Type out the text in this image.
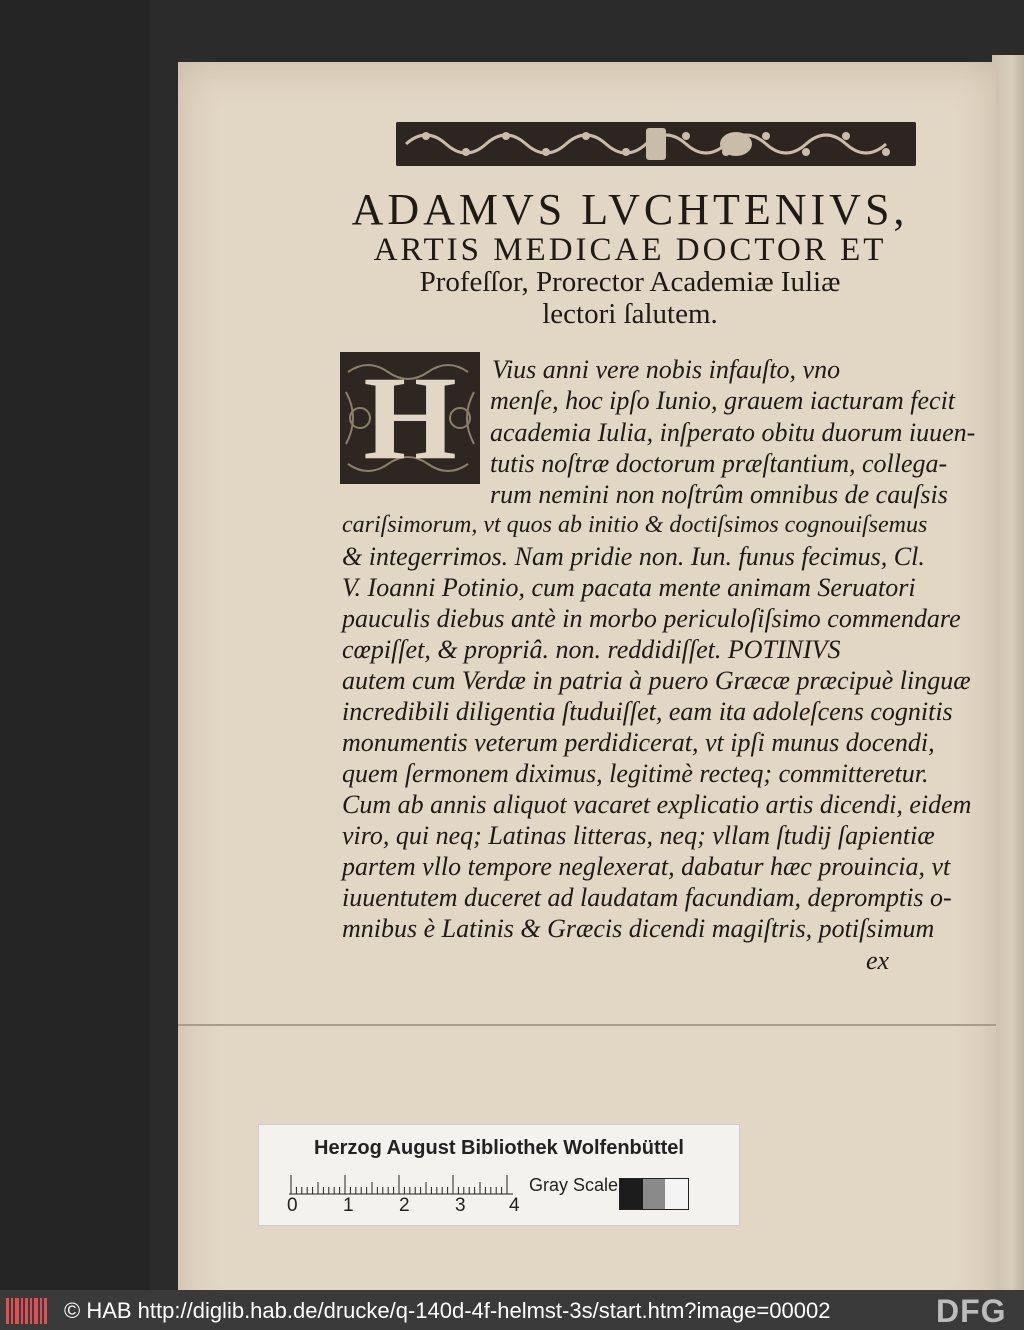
ADAMVS LVCHTENIVS,
ARTIS MEDICAE DOCTOR ET
Profeſſor, Prorector Academiæ Iuliæ
lectori ſalutem.
H	Vius anni vere nobis infauſto, vno
menſe, hoc ipſo Iunio, grauem iacturam fecit
academia Iulia, inſperato obitu duorum iuuen-
tutis noſtræ doctorum præſtantium, collega-
rum nemini non noſtrûm omnibus de cauſsis
cariſsimorum, vt quos ab initio & doctiſsimos cognouiſsemus
& integerrimos. Nam pridie non. Iun. funus fecimus, Cl.
V. Ioanni Potinio, cum pacata mente animam Seruatori
pauculis diebus antè in morbo periculoſiſsimo commendare
cœpiſſet, & propriâ. non. reddidiſſet. POTINIVS
autem cum Verdæ in patria à puero Græcæ præcipuè linguæ
incredibili diligentia ſtuduiſſet, eam ita adoleſcens cognitis
monumentis veterum perdidicerat, vt ipſi munus docendi,
quem ſermonem diximus, legitimè recteq; committeretur.
Cum ab annis aliquot vacaret explicatio artis dicendi, eidem
viro, qui neq; Latinas litteras, neq; vllam ſtudij ſapientiæ
partem vllo tempore neglexerat, dabatur hæc prouincia, vt
iuuentutem duceret ad laudatam facundiam, depromptis o-
mnibus è Latinis & Græcis dicendi magiſtris, potiſsimum
ex
Herzog August Bibliothek Wolfenbüttel
0 1 2 3 4
Gray Scale
© HAB http://diglib.hab.de/drucke/q-140d-4f-helmst-3s/start.htm?image=00002	DFG
